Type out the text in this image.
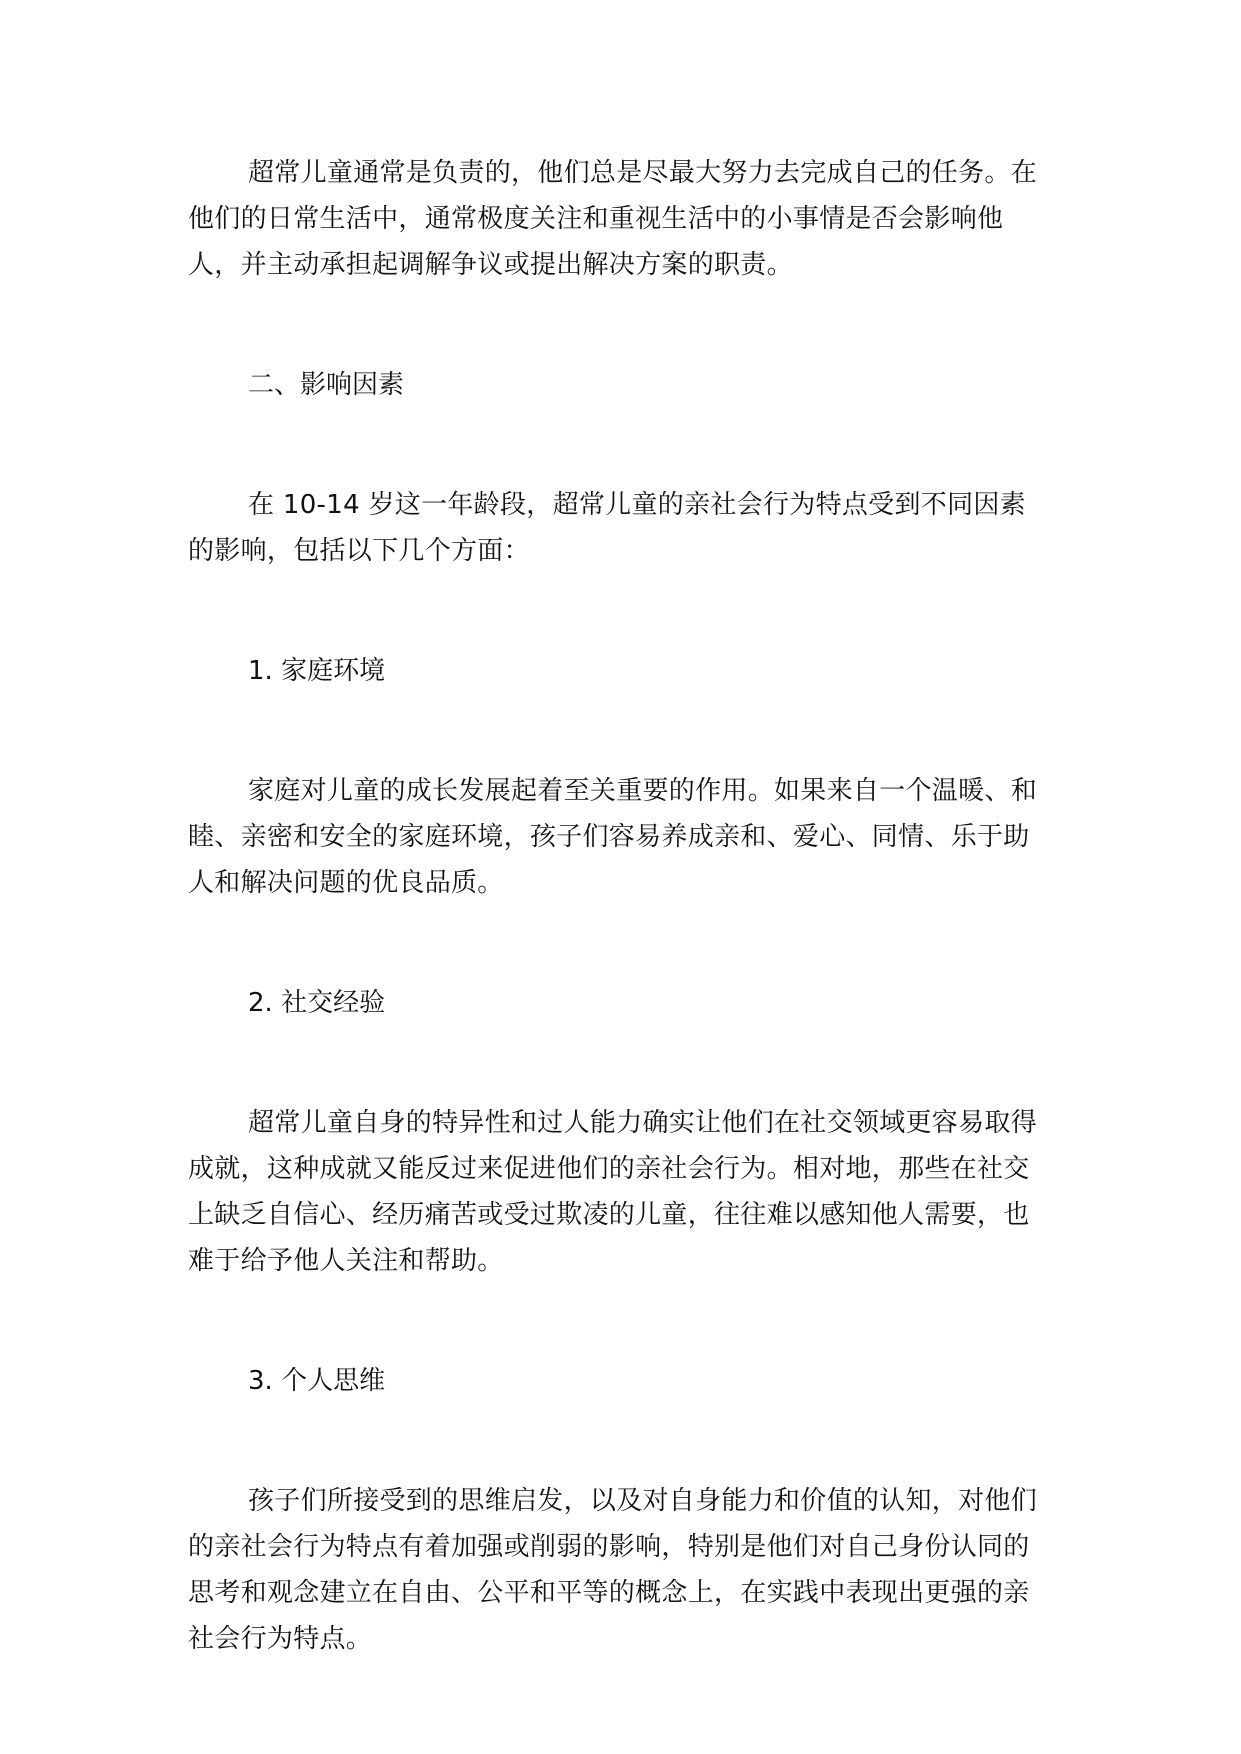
超常儿童通常是负责的，他们总是尽最大努力去完成自己的任务。在他们的日常生活中，通常极度关注和重视生活中的小事情是否会影响他人，并主动承担起调解争议或提出解决方案的职责。

二、影响因素

在 10-14 岁这一年龄段，超常儿童的亲社会行为特点受到不同因素的影响，包括以下几个方面：

1. 家庭环境

家庭对儿童的成长发展起着至关重要的作用。如果来自一个温暖、和睦、亲密和安全的家庭环境，孩子们容易养成亲和、爱心、同情、乐于助人和解决问题的优良品质。

2. 社交经验

超常儿童自身的特异性和过人能力确实让他们在社交领域更容易取得成就，这种成就又能反过来促进他们的亲社会行为。相对地，那些在社交上缺乏自信心、经历痛苦或受过欺凌的儿童，往往难以感知他人需要，也难于给予他人关注和帮助。

3. 个人思维

孩子们所接受到的思维启发，以及对自身能力和价值的认知，对他们的亲社会行为特点有着加强或削弱的影响，特别是他们对自己身份认同的思考和观念建立在自由、公平和平等的概念上，在实践中表现出更强的亲社会行为特点。
